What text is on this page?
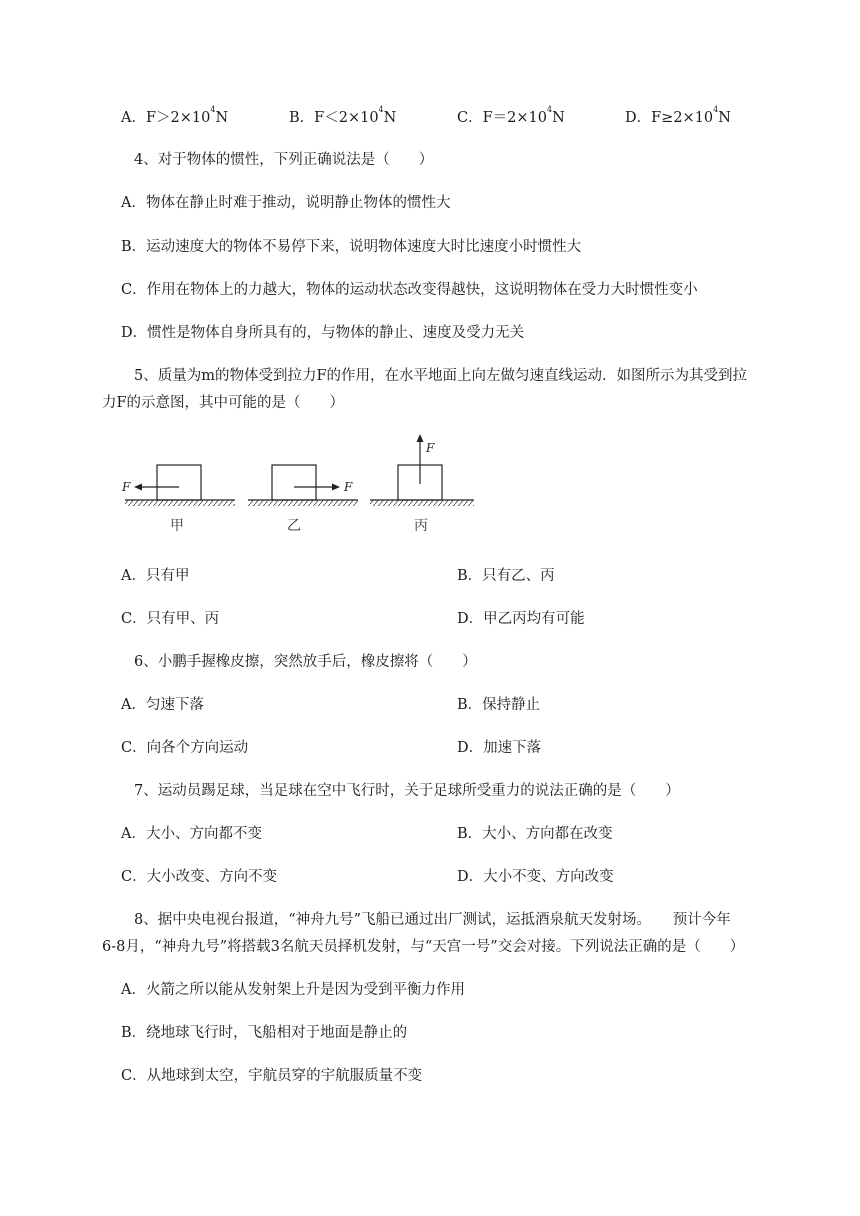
A．$F>2\times 10^4N$	B．$F<2\times 10^4N$	C．$F=2\times 10^4N$	D．$F\ge 2\times 10^4N$
4、对于物体的惯性，下列正确说法是（　　）
A．物体在静止时难于推动，说明静止物体的惯性大
B．运动速度大的物体不易停下来，说明物体速度大时比速度小时惯性大
C．作用在物体上的力越大，物体的运动状态改变得越快，这说明物体在受力大时惯性变小
D．惯性是物体自身所具有的，与物体的静止、速度及受力无关
5、质量为m的物体受到拉力F的作用，在水平地面上向左做匀速直线运动．如图所示为其受到拉
力F的示意图，其中可能的是（　　）
F
甲
F
乙
F
丙
A．只有甲	B．只有乙、丙
C．只有甲、丙	D．甲乙丙均有可能
6、小鹏手握橡皮擦，突然放手后，橡皮擦将（　　）
A．匀速下落	B．保持静止
C．向各个方向运动	D．加速下落
7、运动员踢足球，当足球在空中飞行时，关于足球所受重力的说法正确的是（　　）
A．大小、方向都不变	B．大小、方向都在改变
C．大小改变、方向不变	D．大小不变、方向改变
8、据中央电视台报道，“神舟九号”飞船已通过出厂测试，运抵酒泉航天发射场。　　预计今年
6-8月，“神舟九号”将搭载3名航天员择机发射，与“天宫一号”交会对接。下列说法正确的是（　　）
A．火箭之所以能从发射架上升是因为受到平衡力作用
B．绕地球飞行时，飞船相对于地面是静止的
C．从地球到太空，宇航员穿的宇航服质量不变
